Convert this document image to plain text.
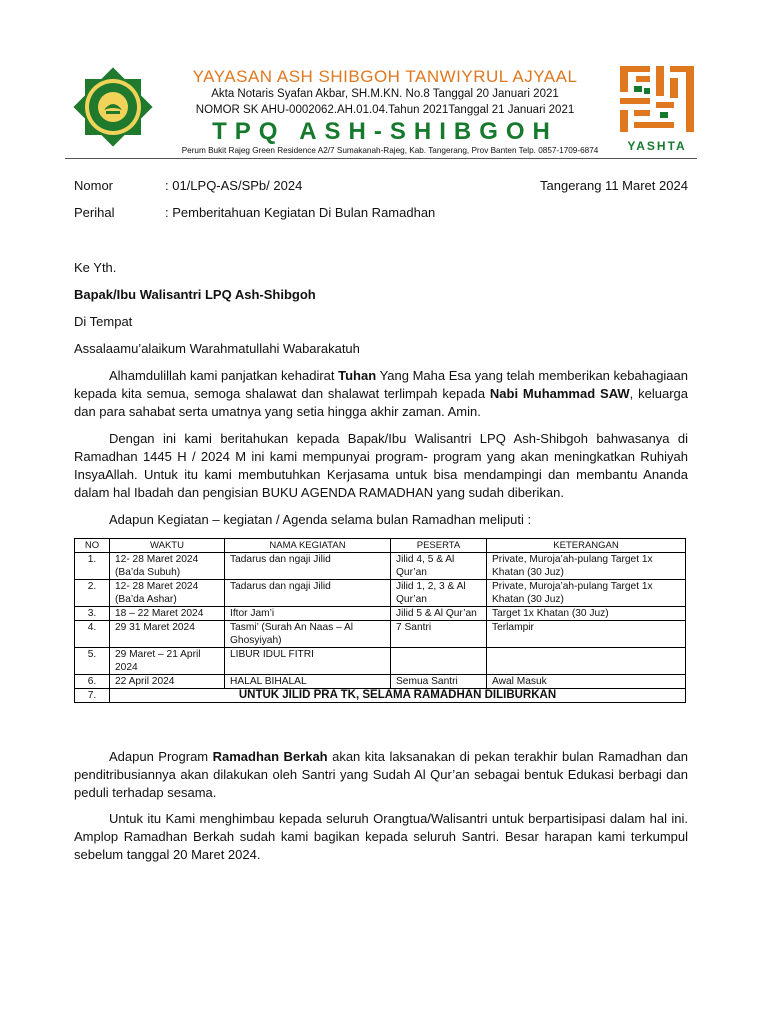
YAYASAN ASH SHIBGOH TANWIYRUL AJYAAL
Akta Notaris Syafan Akbar, SH.M.KN. No.8 Tanggal 20 Januari 2021
NOMOR SK AHU-0002062.AH.01.04.Tahun 2021Tanggal 21 Januari 2021
TPQ ASH-SHIBGOH
Perum Bukit Rajeg Green Residence A2/7 Sumakanah-Rajeg, Kab. Tangerang, Prov Banten Telp. 0857-1709-6874	YASHTA
Nomor	: 01/LPQ-AS/SPb/ 2024	Tangerang 11 Maret 2024
Perihal	: Pemberitahuan Kegiatan Di Bulan Ramadhan
Ke Yth.
Bapak/Ibu Walisantri LPQ Ash-Shibgoh
Di Tempat
Assalaamu’alaikum Warahmatullahi Wabarakatuh
Alhamdulillah kami panjatkan kehadirat Tuhan Yang Maha Esa yang telah memberikan kebahagiaan kepada kita semua, semoga shalawat dan shalawat terlimpah kepada Nabi Muhammad SAW, keluarga dan para sahabat serta umatnya yang setia hingga akhir zaman. Amin.
Dengan ini kami beritahukan kepada Bapak/Ibu Walisantri LPQ Ash-Shibgoh bahwasanya di Ramadhan 1445 H / 2024 M ini kami mempunyai program- program yang akan meningkatkan Ruhiyah InsyaAllah. Untuk itu kami membutuhkan Kerjasama untuk bisa mendampingi dan membantu Ananda dalam hal Ibadah dan pengisian BUKU AGENDA RAMADHAN yang sudah diberikan.
Adapun Kegiatan – kegiatan / Agenda selama bulan Ramadhan meliputi :
NO	WAKTU	NAMA KEGIATAN	PESERTA	KETERANGAN
1.	12- 28 Maret 2024 (Ba’da Subuh)	Tadarus dan ngaji Jilid	Jilid 4, 5 & Al Qur’an	Private, Muroja’ah-pulang Target 1x Khatan (30 Juz)
2.	12- 28 Maret 2024 (Ba’da Ashar)	Tadarus dan ngaji Jilid	Jilid 1, 2, 3 & Al Qur’an	Private, Muroja’ah-pulang Target 1x Khatan (30 Juz)
3.	18 – 22 Maret 2024	Iftor Jam’i	Jilid 5 & Al Qur’an	Target 1x Khatan (30 Juz)
4.	29 31 Maret 2024	Tasmi’ (Surah An Naas – Al Ghosyiyah)	7 Santri	Terlampir
5.	29 Maret – 21 April 2024	LIBUR IDUL FITRI		
6.	22 April 2024	HALAL BIHALAL	Semua Santri	Awal Masuk
7.	UNTUK JILID PRA TK, SELAMA RAMADHAN DILIBURKAN			
Adapun Program Ramadhan Berkah akan kita laksanakan di pekan terakhir bulan Ramadhan dan penditribusiannya akan dilakukan oleh Santri yang Sudah Al Qur’an sebagai bentuk Edukasi berbagi dan peduli terhadap sesama.
Untuk itu Kami menghimbau kepada seluruh Orangtua/Walisantri untuk berpartisipasi dalam hal ini. Amplop Ramadhan Berkah sudah kami bagikan kepada seluruh Santri. Besar harapan kami terkumpul sebelum tanggal 20 Maret 2024.
